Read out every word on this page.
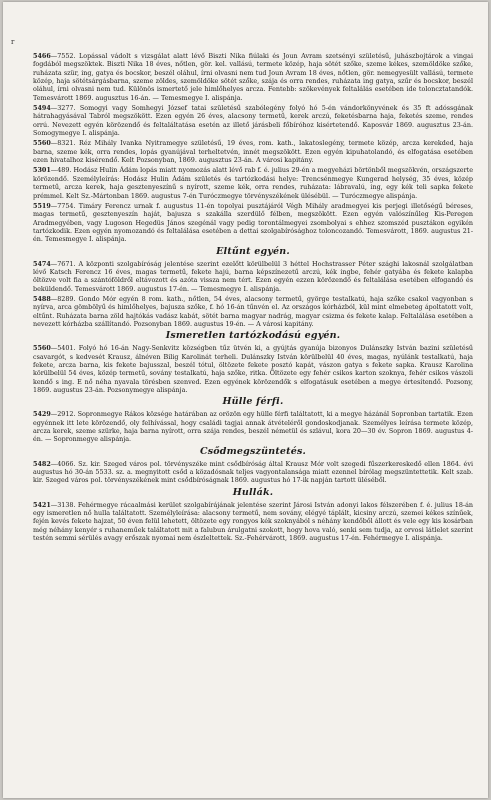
r

5466—7552. Lopással vádolt s vizsgálat alatt lévő Biszti Nika fiúlaki és Joun Avram szetsényi születésű, juhászbojtárok a vingai fogdából megszöktek. Biszti Nika 18 éves, nőtlen, gör. kel. vallású, termete közép, haja sötét szőke, szeme kékes, szemöldöke szőke, ruházata szür, ing, gatya és bocskor, beszél oláhul, írni olvasni nem tud Joun Avram 18 éves, nőtlen, gör. nemegyesült vallású, termete közép, haja sötétsárgásbarna, szeme zöldes, szemöldöke sötét szőke, szája és orra rendes, ruházata ing gatya, szűr és bocskor, beszél oláhul, írni olvasni nem tud. Különös ismertető jele himlőhelyes arcza. Fentebb: szökevények feltalálás esetében ide toloncztatandók. Temesvárott 1869. augusztus 16-án. — Temesmegye I. alispánja.

5494—3277. Somogyi vagy Somhegyi József tatai születésű szabólegény folyó hó 5-én vándorkönyvének és 35 ft adóssgának hátrahagyásával Tabról megszökött. Ezen egyén 26 éves, alacsony termetű, kerek arczú, feketésbarna haja, feketés szeme, rendes orrú. Nevezett egyén körözendő és feltaláltatása esetén az illető járásbeli főbíróhoz kisértetendő. Kaposvár 1869. augusztus 23-án. Somogymegye I. alispánja.

5560—8321. Réz Mihály Ivanka Nyitramegye születésű, 19 éves, rom. kath., lakatoslegény, termete közép, arcza kerekded, haja barna, szeme kék, orra rendes, lopás gyanújával terheltetvén, innét megszökött. Ezen egyén kipuhatolandó, és elfogatása esetében ezen hivatalhoz kisérendő. Kelt Pozsonyban, 1869. augusztus 23-án. A városi kapitány.

5301—489. Hodász Hulin Ádám lopás miatt nyomozás alatt lévő rab f. é. julius 29-én a megyeházi börtönből megszökvén, országszerte körözendő. Személyleírás: Hodász Hulin Ádám születés és tartózkodási helye: Trencsénmegye Kungerad helység, 35 éves, közép termetű, arcza kerek, haja gesztenyeszínű s nyírott, szeme kék, orra rendes, ruházata: lábravalú, ing, egy kék teli sapka fekete prémmel. Kelt Sz.-Mártonban 1869. augustus 7-én Turóczmegye törvényszékének ülésébül. — Turóczmegye alispánja.

5519—7754. Timáry Ferencz urnak f. augustus 11-én topolyai pusztájáról Végh Mihály aradmegyei kis perjegi illetőségű béreses, magas termetű, gesztenyeszín haját, bajusza s szakálla szerdülő félben, megszökött. Ezen egyén valószínűleg Kis-Peregen Aradmegyében, vagy Lugoson Hegedüs János szegénál vagy pedig torontálmegyei zsombolyai s ehhez szomszéd pusztákon egyikén tartózkodik. Ezen egyén nyomozandó és feltalálása esetében a dettai szolgabírósághoz toloncozandó. Temesvárott, 1869. augustus 21-én. Temesmegye I. alispánja.

Eltűnt egyén.

5474—7671. A központi szolgabíróság jelentése szerint ezelőtt körülbelül 3 héttel Hochstrasser Péter szághi lakosnál szolgálatban lévő Katsch Ferencz 16 éves, magas termetű, fekete hajú, barna képszínezetű arczú, kék ingbe, fehér gatyába és fekete kalapba öltözve volt fia a szántóföldről eltávozott és azóta vissza nem tért. Ezen egyén ezzen körözendő és feltalálása esetében elfogandó és beküldendő. Temesvárott 1869. augustus 17-én. — Temesmegye I. alispánja.

5488—8289. Gondo Mór egyén 8 rom. kath., nőtlen, 54 éves, alacsony termetű, györge testalkatú, haja szőke csakol vagyonban s nyírva, arca gömbölyű és himlőhelyes, bajusza szőke, f. hó 16-án tűnvén el. Az országos kórházból, kül mint elmebeteg ápoltatott volt, eltűnt. Ruházata barna zöld hajtókás vadász kabát, sötét barna magyar nadrág, magyar csizma és fekete kalap. Feltalálása esetében a nevezett kórházba szállítandó. Pozsonyban 1869. augustus 19-én. — A városi kapitány.

Ismeretlen tartózkodású egyén.

5560—5401. Folyó hó 16-án Nagy-Senkvitz községben tűz ütvén ki, a gyújtás gyanúja bizonyos Dulánszky István bazini születésű csavargót, s kedvesét Krausz, álnéven Bilig Karolinát terheli. Dulánszky István körülbelül 40 éves, magas, nyúlánk testalkatú, haja fekete, arcza barna, kis fekete bajusszal, beszél tótul, öltözete fekete posztó kapát, vászon gatya s fekete sapka. Krausz Karolina körülbelül 54 éves, közép termetű, sovány testalkatú, haja szőke, ritka. Öltözete egy fehér csikos karton szoknya, fehér csikos vászoli kendő s ing. E nő néha nyavala törésben szenved. Ezen egyének körözendők s elfogatásuk esetében a megye értesítendő. Pozsony, 1869. augustus 23-án. Pozsonymegye alispánja.

Hülle férfi.

5429—2912. Sopronmegye Rákos községe határában az orözön egy hülle férfi találtatott, ki a megye házánál Sopronban tartatik. Ezen egyénnek itt lete körözendő, oly felhívással, hogy családi tagjai annak átvételéről gondoskodjanak. Személyes leírása termete közép, arcza kerek, szeme szürke, haja barna nyírott, orra szája rendes, beszél németül és szlávul, kora 20—30 év. Sopron 1869. augustus 4-én. — Sopronmegye alispánja.

Csődmegszüntetés.

5482—4066. Sz. kir. Szeged város pol. törvényszéke mint csődbíróság által Krausz Mór volt szegedi fűszerkereskedő ellen 1864. évi augustus hó 30-án 5533. sz. a. megnyitott csőd a közadósnak teljes vagyontalansága miatt ezennel bírólag megszüntettetik. Kelt szab. kir. Szeged város pol. törvényszékének mint csődbíróságnak 1869. augustus hó 17-ik napján tartott üléséből.

Hullák.

5421—3138. Fehérmegye rácaalmási kerület szolgabírájának jelentése szerint Járosi István adonyi lakos félszerében f. é. julius 18-án egy ismeretlen nő hulla találtatott. Személyleírása: alacsony termetű, nem sovány, elégyé táplált, kicsiny arczú, szemei kékes színűek, fején kevés fekete hajzat, 50 éven felül lehetett, öltözete egy rongyos kék szoknyából s néhány kendőből állott és vele egy kis kosárban még néhány kenyér s ruhaneműek találtatott mit a falubun árulgatni szokott, hogy hova való, senki sem tudja, az orvosi látlelet szerint testén semmi sérülés avagy erőszak nyomai nem észleltettek. Sz.-Fehérvárott, 1869. augustus 17-én. Fehérmegye I. alispánja.
